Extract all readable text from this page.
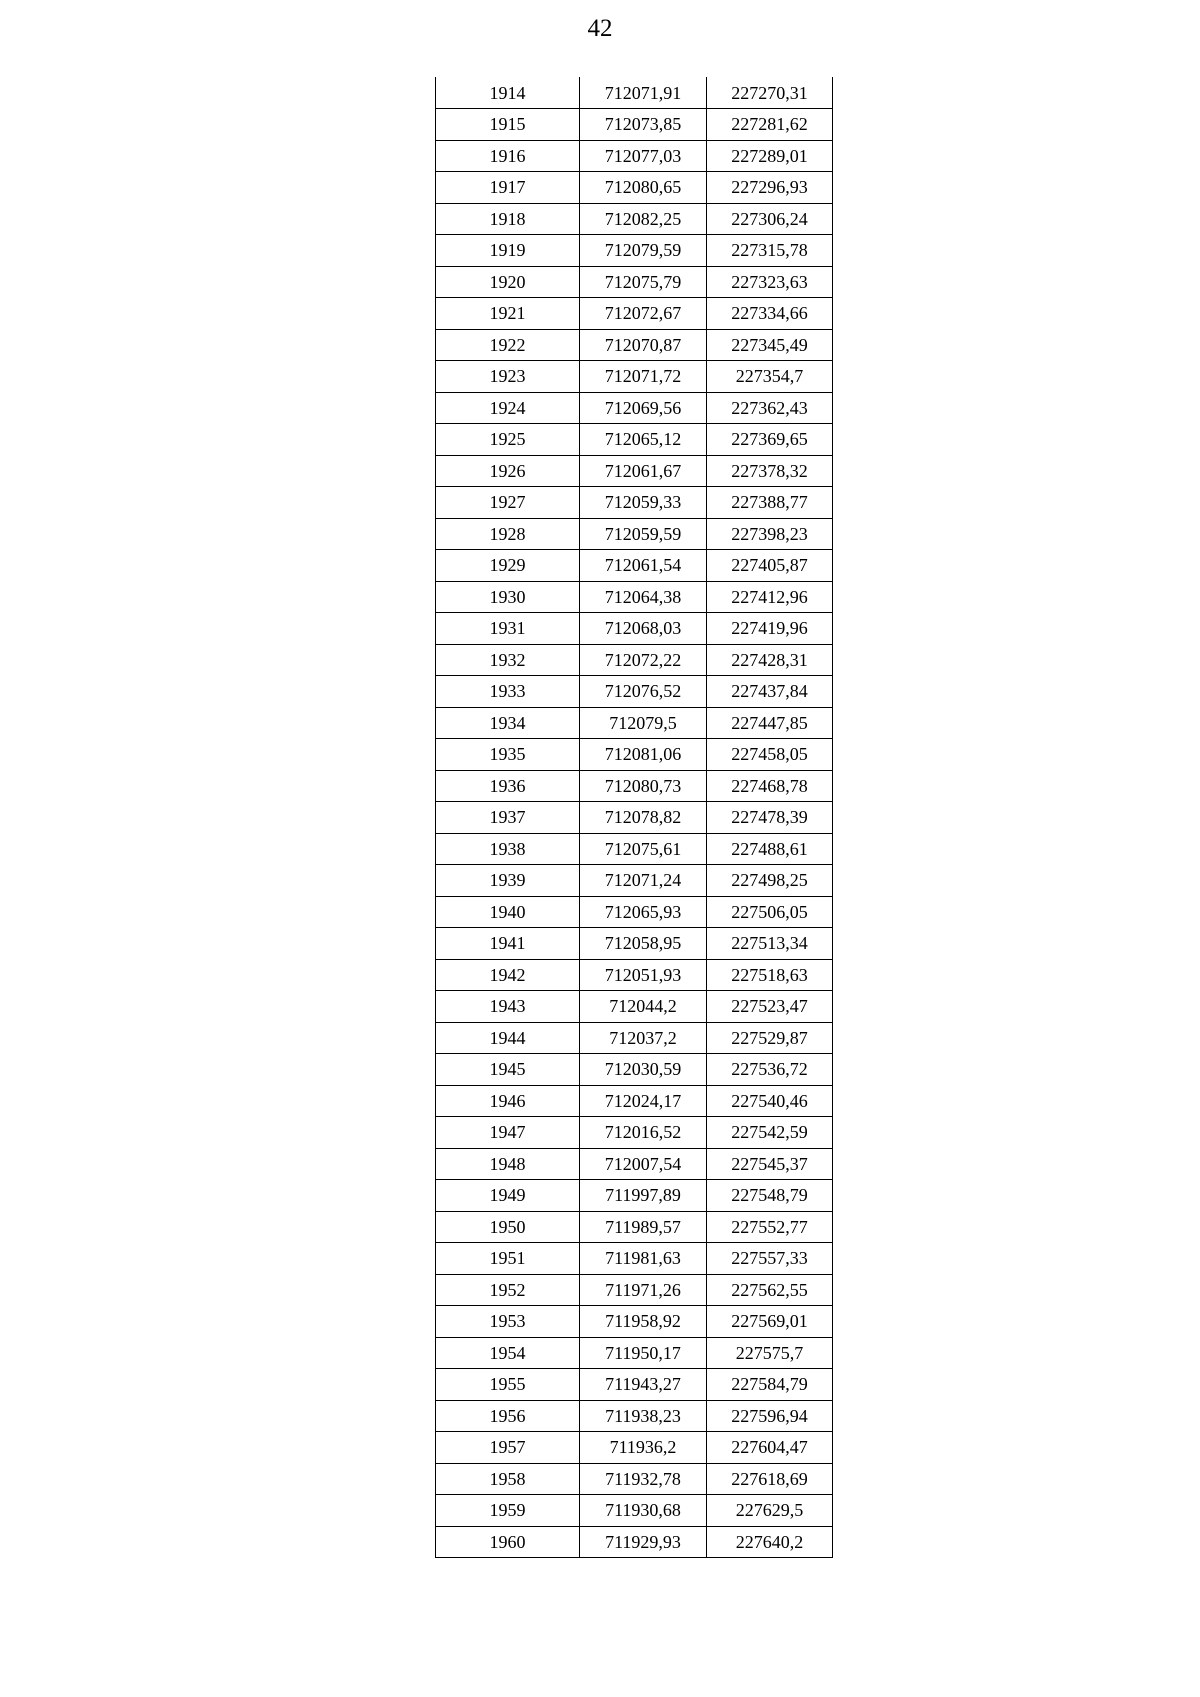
42
1914	712071,91	227270,31
1915	712073,85	227281,62
1916	712077,03	227289,01
1917	712080,65	227296,93
1918	712082,25	227306,24
1919	712079,59	227315,78
1920	712075,79	227323,63
1921	712072,67	227334,66
1922	712070,87	227345,49
1923	712071,72	227354,7
1924	712069,56	227362,43
1925	712065,12	227369,65
1926	712061,67	227378,32
1927	712059,33	227388,77
1928	712059,59	227398,23
1929	712061,54	227405,87
1930	712064,38	227412,96
1931	712068,03	227419,96
1932	712072,22	227428,31
1933	712076,52	227437,84
1934	712079,5	227447,85
1935	712081,06	227458,05
1936	712080,73	227468,78
1937	712078,82	227478,39
1938	712075,61	227488,61
1939	712071,24	227498,25
1940	712065,93	227506,05
1941	712058,95	227513,34
1942	712051,93	227518,63
1943	712044,2	227523,47
1944	712037,2	227529,87
1945	712030,59	227536,72
1946	712024,17	227540,46
1947	712016,52	227542,59
1948	712007,54	227545,37
1949	711997,89	227548,79
1950	711989,57	227552,77
1951	711981,63	227557,33
1952	711971,26	227562,55
1953	711958,92	227569,01
1954	711950,17	227575,7
1955	711943,27	227584,79
1956	711938,23	227596,94
1957	711936,2	227604,47
1958	711932,78	227618,69
1959	711930,68	227629,5
1960	711929,93	227640,2
